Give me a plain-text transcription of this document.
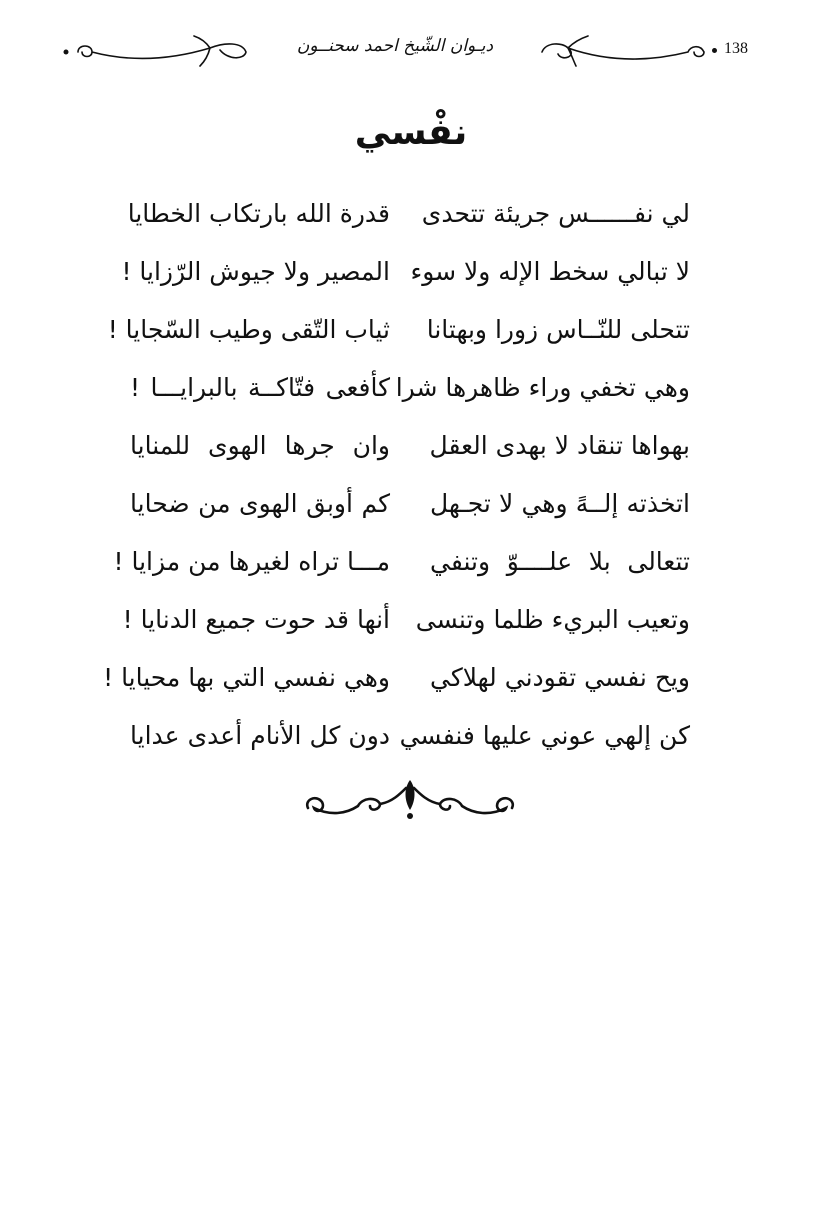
ديـوان الشّيخ احمد سحنــون	138
نفْسي
لي نفــــــس جريئة تتحدى
قدرة الله بارتكاب الخطايا
لا تبالي سخط الإله ولا سوء
المصير ولا جيوش الرّزايا !
تتحلى للنّــاس زورا وبهتانا
ثياب التّقى وطيب السّجايا !
وهي تخفي وراء ظاهرها شرا
كأفعى فتّاكــة بالبرايـــا !
بهواها تنقاد لا بهدى العقل
وان جرها الهوى للمنايا
اتخذته إلــهً وهي لا تجـهل
كم أوبق الهوى من ضحايا
تتعالى بلا علــــوّ وتنفي
مـــا تراه لغيرها من مزايا !
وتعيب البريء ظلما وتنسى
أنها قد حوت جميع الدنايا !
ويح نفسي تقودني لهلاكي
وهي نفسي التي بها محيايا !
كن إلهي عوني عليها فنفسي
دون كل الأنام أعدى عدايا
